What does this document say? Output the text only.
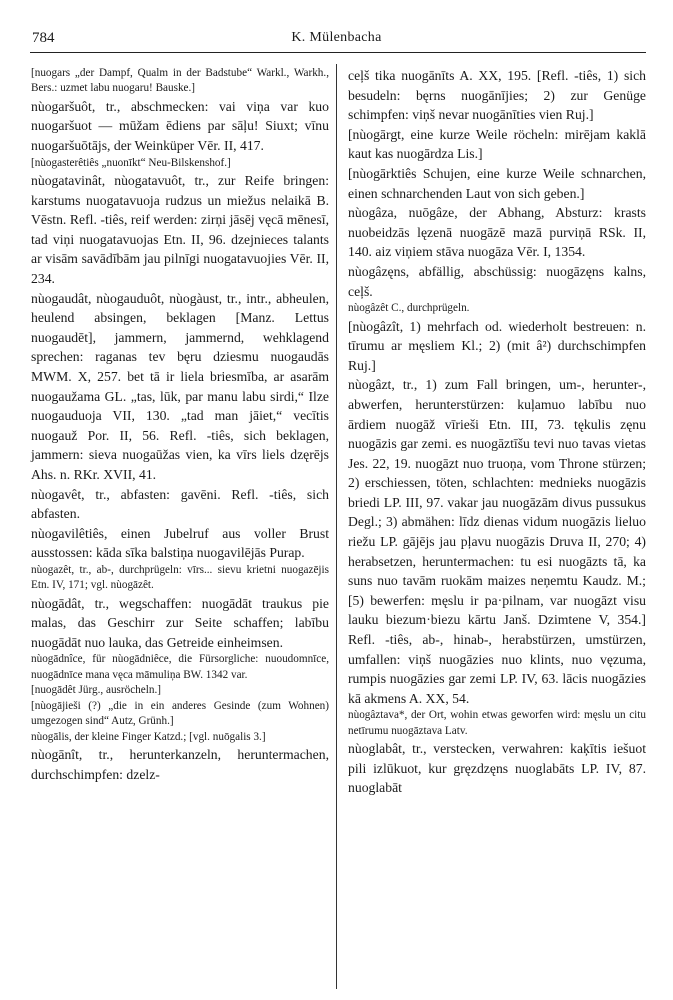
784	K. Mülenbacha

[nuogars „der Dampf, Qualm in der Badstube“ Warkl., Warkh., Bers.: uzmet labu nuogaru! Bauske.]

nùogaršuôt, tr., abschmecken: vai viņa var kuo nuogaršuot — mūžam ēdiens par sāļu! Siuxt; vīnu nuogaršuōtājs, der Weinküper Vēr. II, 417.

[nùogasterêtiês „nuonīkt“ Neu-Bilskenshof.]

nùogatavinât, nùogatavuôt, tr., zur Reife bringen: karstums nuogatavuoja rudzus un miežus nelaikā B. Vēstn. Refl. -tiês, reif werden: zirņi jāsēj vęcā mēnesī, tad viņi nuogatavuojas Etn. II, 96. dzejnieces talants ar visām savādībām jau pilnīgi nuogatavuojies Vēr. II, 234.

nùogaudât, nùogauduôt, nùogàust, tr., intr., abheulen, heulend absingen, beklagen [Manz. Lettus nuogaudēt], jammern, jammernd, wehklagend sprechen: raganas tev bęru dziesmu nuogaudās MWM. X, 257. bet tā ir liela briesmība, ar asarām nuogaužama GL. „tas, lūk, par manu labu sirdi,“ Ilze nuogauduoja VII, 130. „tad man jāiet,“ vecītis nuogauž Por. II, 56. Refl. -tiês, sich beklagen, jammern: sieva nuogaūžas vien, ka vīrs liels dzęrējs Ahs. n. RKr. XVII, 41.

nùogavêt, tr., abfasten: gavēni. Refl. -tiês, sich abfasten.

nùogavilêtiês, einen Jubelruf aus voller Brust ausstossen: kāda sīka balstiņa nuogavilējās Purap.

nùogazêt, tr., ab-, durchprügeln: vīrs... sievu krietni nuogazējis Etn. IV, 171; vgl. nùogāzêt.

nùogādât, tr., wegschaffen: nuogādāt traukus pie malas, das Geschirr zur Seite schaffen; labību nuogādāt nuo lauka, das Getreide einheimsen.

nùogādnîce, für nùogādniêce, die Fürsorgliche: nuoudomnīce, nuogādnīce mana vęca māmuliņa BW. 1342 var.

[nuogādêt Jürg., ausröcheln.]

[nùogājieši (?) „die in ein anderes Gesinde (zum Wohnen) umgezogen sind“ Autz, Grünh.]

nùogālis, der kleine Finger Katzd.; [vgl. nuōgalis 3.]

nùogānît, tr., herunterkanzeln, heruntermachen, durchschimpfen: dzelz-

ceļš tika nuogānīts A. XX, 195. [Refl. -tiês, 1) sich besudeln: bęrns nuogānījies; 2) zur Genüge schimpfen: viņš nevar nuogānīties vien Ruj.]

[nùogārgt, eine kurze Weile röcheln: mirējam kaklā kaut kas nuogārdza Lis.]

[nùogārktiês Schujen, eine kurze Weile schnarchen, einen schnarchenden Laut von sich geben.]

nùogâza, nuōgâze, der Abhang, Absturz: krasts nuobeidzās lęzenā nuogāzē mazā purviņā RSk. II, 140. aiz viņiem stāva nuogāza Vēr. I, 1354.

nùogâzęns, abfällig, abschüssig: nuogāzęns kalns, ceļš.

nùogâzêt C., durchprügeln.

[nùogâzît, 1) mehrfach od. wiederholt bestreuen: n. tīrumu ar męsliem Kl.; 2) (mit â²) durchschimpfen Ruj.]

nùogâzt, tr., 1) zum Fall bringen, um-, herunter-, abwerfen, herunterstürzen: kuļamuo labību nuo ārdiem nuogāž vīrieši Etn. III, 73. tękulis zęnu nuogāzis gar zemi. es nuogāztīšu tevi nuo tavas vietas Jes. 22, 19. nuogāzt nuo truoņa, vom Throne stürzen; 2) erschiessen, töten, schlachten: mednieks nuogāzis briedi LP. III, 97. vakar jau nuogāzām divus pussukus Degl.; 3) abmähen: līdz dienas vidum nuogāzis lieluo riežu LP. gājējs jau pļavu nuogāzis Druva II, 270; 4) herabsetzen, heruntermachen: tu esi nuogāzts tā, ka suns nuo tavām ruokām maizes neņemtu Kaudz. M.; [5) bewerfen: męslu ir pa·pilnam, var nuogāzt visu lauku biezum·biezu kārtu Janš. Dzimtene V, 354.] Refl. -tiês, ab-, hinab-, herabstürzen, umstürzen, umfallen: viņš nuogāzies nuo klints, nuo vęzuma, rumpis nuogāzies gar zemi LP. IV, 63. lācis nuogāzies kā akmens A. XX, 54.

nùogâztava*, der Ort, wohin etwas geworfen wird: męslu un citu netīrumu nuogāztava Latv.

nùoglabât, tr., verstecken, verwahren: kaķītis iešuot pili izlūkuot, kur gręzdzęns nuoglabāts LP. IV, 87. nuoglabāt
